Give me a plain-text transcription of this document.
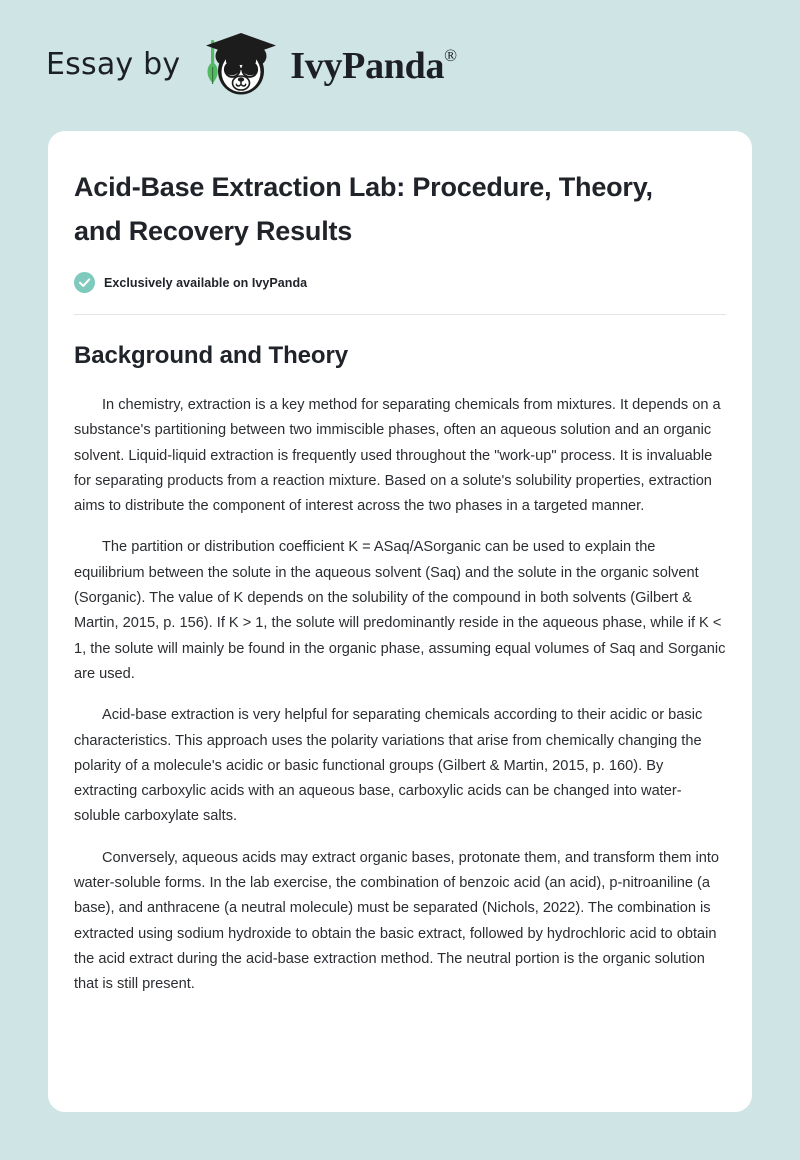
Essay by	IvyPanda®
Acid-Base Extraction Lab: Procedure, Theory, and Recovery Results
Exclusively available on IvyPanda
Background and Theory

In chemistry, extraction is a key method for separating chemicals from mixtures. It depends on a substance's partitioning between two immiscible phases, often an aqueous solution and an organic solvent. Liquid-liquid extraction is frequently used throughout the "work-up" process. It is invaluable for separating products from a reaction mixture. Based on a solute's solubility properties, extraction aims to distribute the component of interest across the two phases in a targeted manner.

The partition or distribution coefficient K = ASaq/ASorganic can be used to explain the equilibrium between the solute in the aqueous solvent (Saq) and the solute in the organic solvent (Sorganic). The value of K depends on the solubility of the compound in both solvents (Gilbert & Martin, 2015, p. 156). If K > 1, the solute will predominantly reside in the aqueous phase, while if K < 1, the solute will mainly be found in the organic phase, assuming equal volumes of Saq and Sorganic are used.

Acid-base extraction is very helpful for separating chemicals according to their acidic or basic characteristics. This approach uses the polarity variations that arise from chemically changing the polarity of a molecule's acidic or basic functional groups (Gilbert & Martin, 2015, p. 160). By extracting carboxylic acids with an aqueous base, carboxylic acids can be changed into water-soluble carboxylate salts.

Conversely, aqueous acids may extract organic bases, protonate them, and transform them into water-soluble forms. In the lab exercise, the combination of benzoic acid (an acid), p-nitroaniline (a base), and anthracene (a neutral molecule) must be separated (Nichols, 2022). The combination is extracted using sodium hydroxide to obtain the basic extract, followed by hydrochloric acid to obtain the acid extract during the acid-base extraction method. The neutral portion is the organic solution that is still present.
